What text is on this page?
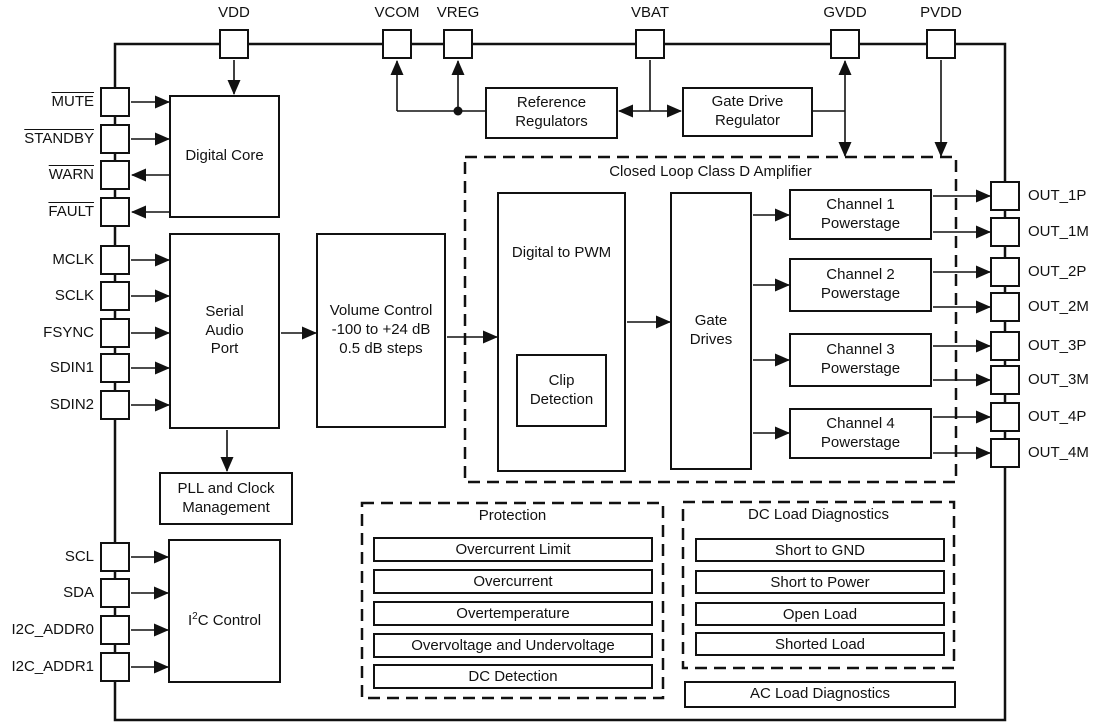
Digital Core
Serial
Audio
Port
Volume Control
-100 to +24 dB
0.5 dB steps
Reference
Regulators
Gate Drive
Regulator
Digital to PWM
Clip
Detection
Gate
Drives
Channel 1
Powerstage
Channel 2
Powerstage
Channel 3
Powerstage
Channel 4
Powerstage
PLL and Clock
Management

$I^2C$ Control

AC Load Diagnostics
Closed Loop Class D Amplifier
Protection	DC Load Diagnostics
Overcurrent Limit
Overcurrent
Overtemperature
Overvoltage and Undervoltage
DC Detection
Short to GND
Short to Power
Open Load
Shorted Load
VDD	VCOM	VREG	VBAT	GVDD	PVDD
MUTE
STANDBY
WARN
FAULT
MCLK
SCLK
FSYNC
SDIN1
SDIN2
SCL
SDA
I2C_ADDR0
I2C_ADDR1
OUT_1P
OUT_1M
OUT_2P
OUT_2M
OUT_3P
OUT_3M
OUT_4P
OUT_4M
